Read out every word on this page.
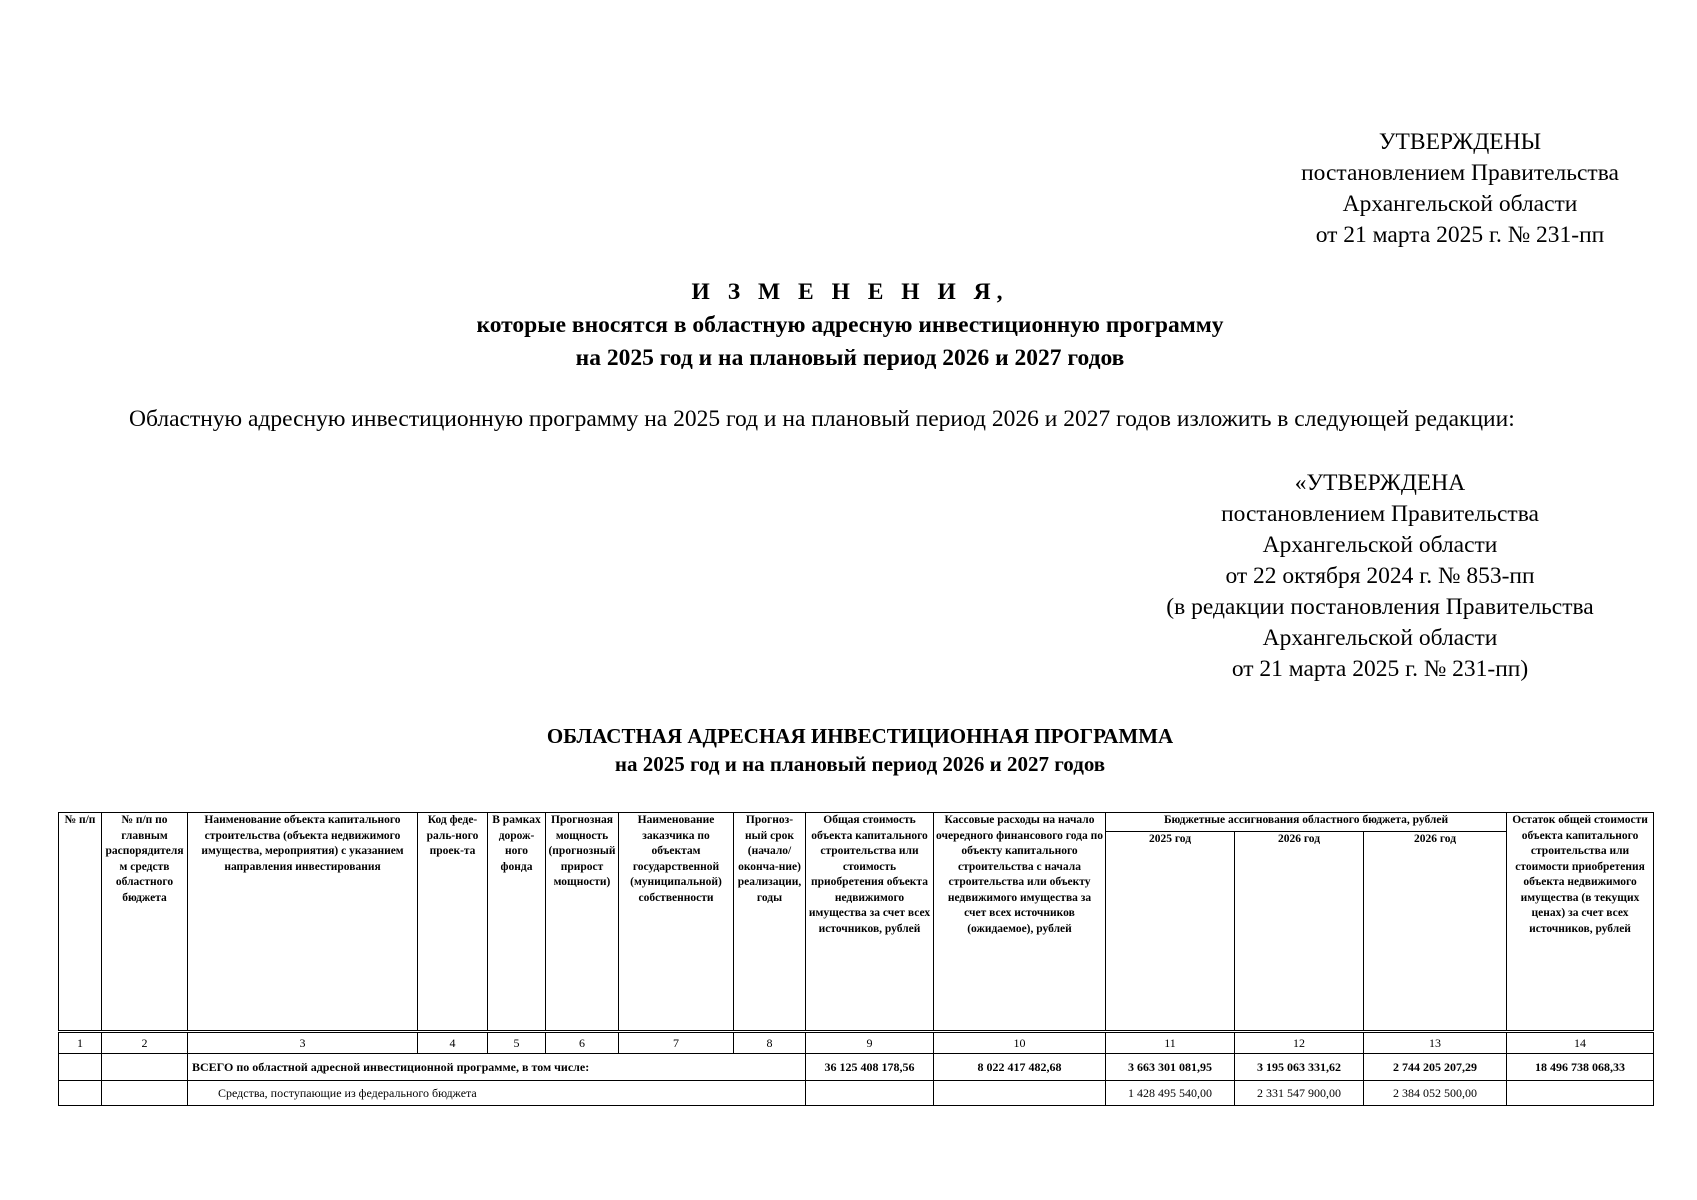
УТВЕРЖДЕНЫ
постановлением Правительства
Архангельской области
от 21 марта 2025 г. № 231-пп
И З М Е Н Е Н И Я,
которые вносятся в областную адресную инвестиционную программу
на 2025 год и на плановый период 2026 и 2027 годов
Областную адресную инвестиционную программу на 2025 год и на плановый период 2026 и 2027 годов изложить в следующей редакции:
«УТВЕРЖДЕНА
постановлением Правительства
Архангельской области
от 22 октября 2024 г. № 853-пп
(в редакции постановления Правительства
Архангельской области
от 21 марта 2025 г. № 231-пп)
ОБЛАСТНАЯ АДРЕСНАЯ ИНВЕСТИЦИОННАЯ ПРОГРАММА
на 2025 год и на плановый период 2026 и 2027 годов
№ п/п	№ п/п по главным распорядителям средств областного бюджета	Наименование объекта капитального строительства (объекта недвижимого имущества, мероприятия) с указанием направления инвестирования	Код феде-раль-ного проек-та	В рамках дорож-ного фонда	Прогнозная мощность (прогнозный прирост мощности)	Наименование заказчика по объектам государственной (муниципальной) собственности	Прогноз-ный срок (начало/оконча-ние) реализации, годы	Общая стоимость объекта капитального строительства или стоимость приобретения объекта недвижимого имущества за счет всех источников, рублей	Кассовые расходы на начало очередного финансового года по объекту капитального строительства с начала строительства или объекту недвижимого имущества за счет всех источников (ожидаемое), рублей	Бюджетные ассигнования областного бюджета, рублей			Остаток общей стоимости объекта капитального строительства или стоимости приобретения объекта недвижимого имущества (в текущих ценах) за счет всех источников, рублей
										2025 год	2026 год	2026 год	
1	2	3	4	5	6	7	8	9	10	11	12	13	14
		ВСЕГО по областной адресной инвестиционной программе, в том числе:						36 125 408 178,56	8 022 417 482,68	3 663 301 081,95	3 195 063 331,62	2 744 205 207,29	18 496 738 068,33
		Средства, поступающие из федерального бюджета								1 428 495 540,00	2 331 547 900,00	2 384 052 500,00	
